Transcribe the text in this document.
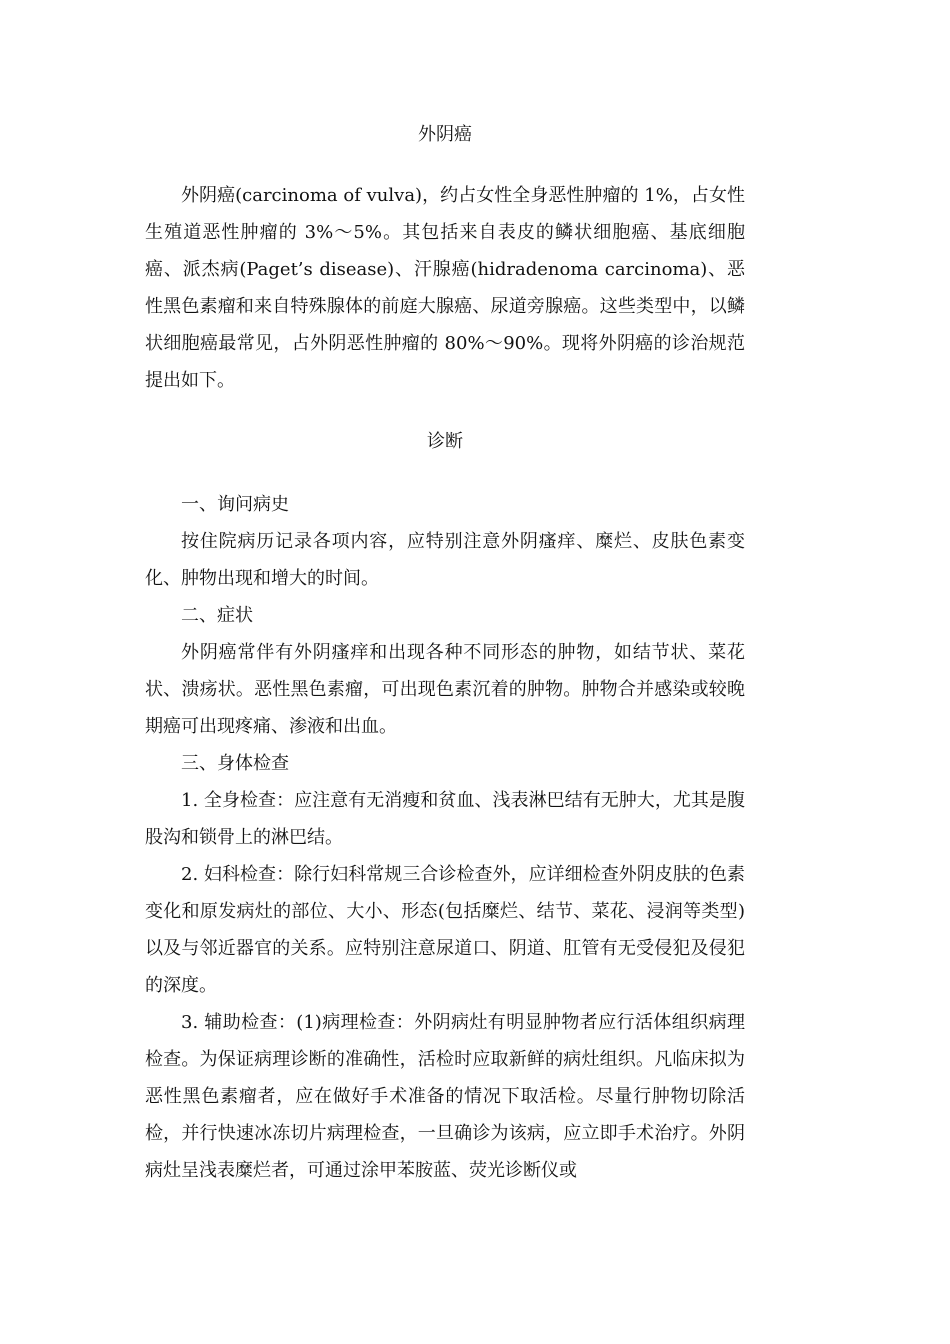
外阴癌

外阴癌(carcinoma of vulva)，约占女性全身恶性肿瘤的 1%，占女性生殖道恶性肿瘤的 3%～5%。其包括来自表皮的鳞状细胞癌、基底细胞癌、派杰病(Paget’s disease)、汗腺癌(hidradenoma carcinoma)、恶性黑色素瘤和来自特殊腺体的前庭大腺癌、尿道旁腺癌。这些类型中，以鳞状细胞癌最常见，占外阴恶性肿瘤的 80%～90%。现将外阴癌的诊治规范提出如下。

诊断
一、询问病史

按住院病历记录各项内容，应特别注意外阴瘙痒、糜烂、皮肤色素变化、肿物出现和增大的时间。

二、症状

外阴癌常伴有外阴瘙痒和出现各种不同形态的肿物，如结节状、菜花状、溃疡状。恶性黑色素瘤，可出现色素沉着的肿物。肿物合并感染或较晚期癌可出现疼痛、渗液和出血。

三、身体检查

1. 全身检查：应注意有无消瘦和贫血、浅表淋巴结有无肿大，尤其是腹股沟和锁骨上的淋巴结。

2. 妇科检查：除行妇科常规三合诊检查外，应详细检查外阴皮肤的色素变化和原发病灶的部位、大小、形态(包括糜烂、结节、菜花、浸润等类型)以及与邻近器官的关系。应特别注意尿道口、阴道、肛管有无受侵犯及侵犯的深度。

3. 辅助检查：(1)病理检查：外阴病灶有明显肿物者应行活体组织病理检查。为保证病理诊断的准确性，活检时应取新鲜的病灶组织。凡临床拟为恶性黑色素瘤者，应在做好手术准备的情况下取活检。尽量行肿物切除活检，并行快速冰冻切片病理检查，一旦确诊为该病，应立即手术治疗。外阴病灶呈浅表糜烂者，可通过涂甲苯胺蓝、荧光诊断仪或
